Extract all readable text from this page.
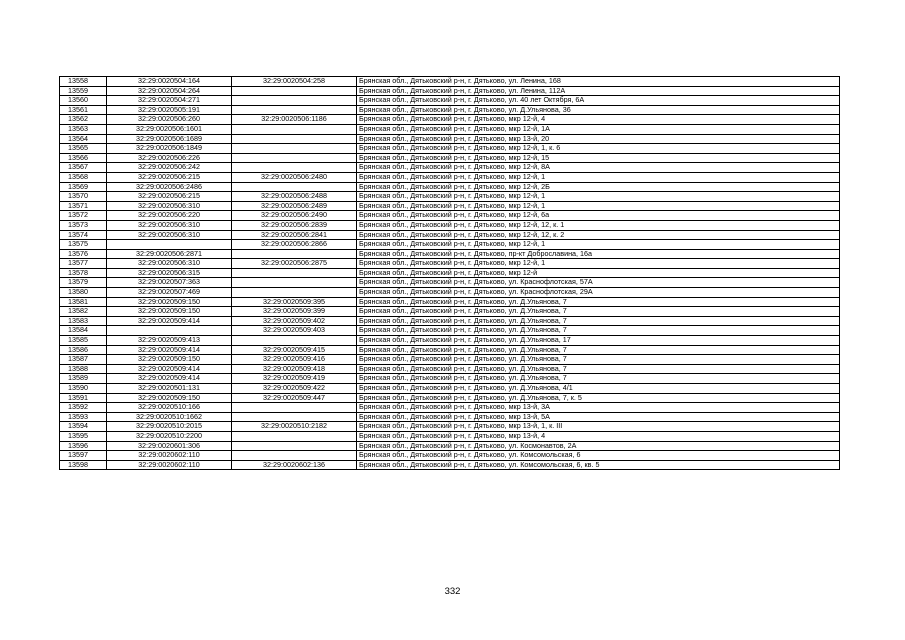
13558	32:29:0020504:164	32:29:0020504:258	Брянская обл., Дятьковский р-н, г. Дятьково, ул. Ленина, 168
13559	32:29:0020504:264		Брянская обл., Дятьковский р-н, г. Дятьково, ул. Ленина, 112А
13560	32:29:0020504:271		Брянская обл., Дятьковский р-н, г. Дятьково, ул. 40 лет Октября, 6А
13561	32:29:0020505:191		Брянская обл., Дятьковский р-н, г. Дятьково, ул. Д.Ульянова, 36
13562	32:29:0020506:260	32:29:0020506:1186	Брянская обл., Дятьковский р-н, г. Дятьково, мкр 12-й, 4
13563	32:29:0020506:1601		Брянская обл., Дятьковский р-н, г. Дятьково, мкр 12-й, 1А
13564	32:29:0020506:1689		Брянская обл., Дятьковский р-н, г. Дятьково, мкр 13-й, 20
13565	32:29:0020506:1849		Брянская обл., Дятьковский р-н, г. Дятьково, мкр 12-й, 1, к. 6
13566	32:29:0020506:226		Брянская обл., Дятьковский р-н, г. Дятьково, мкр 12-й, 15
13567	32:29:0020506:242		Брянская обл., Дятьковский р-н, г. Дятьково, мкр 12-й, 8А
13568	32:29:0020506:215	32:29:0020506:2480	Брянская обл., Дятьковский р-н, г. Дятьково, мкр 12-й, 1
13569	32:29:0020506:2486		Брянская обл., Дятьковский р-н, г. Дятьково, мкр 12-й, 2Б
13570	32:29:0020506:215	32:29:0020506:2488	Брянская обл., Дятьковский р-н, г. Дятьково, мкр 12-й, 1
13571	32:29:0020506:310	32:29:0020506:2489	Брянская обл., Дятьковский р-н, г. Дятьково, мкр 12-й, 1
13572	32:29:0020506:220	32:29:0020506:2490	Брянская обл., Дятьковский р-н, г. Дятьково, мкр 12-й, 6а
13573	32:29:0020506:310	32:29:0020506:2839	Брянская обл., Дятьковский р-н, г. Дятьково, мкр 12-й, 12, к. 1
13574	32:29:0020506:310	32:29:0020506:2841	Брянская обл., Дятьковский р-н, г. Дятьково, мкр 12-й, 12, к. 2
13575		32:29:0020506:2866	Брянская обл., Дятьковский р-н, г. Дятьково, мкр 12-й, 1
13576	32:29:0020506:2871		Брянская обл., Дятьковский р-н, г. Дятьково, пр-кт Доброславина, 16а
13577	32:29:0020506:310	32:29:0020506:2875	Брянская обл., Дятьковский р-н, г. Дятьково, мкр 12-й, 1
13578	32:29:0020506:315		Брянская обл., Дятьковский р-н, г. Дятьково, мкр 12-й
13579	32:29:0020507:363		Брянская обл., Дятьковский р-н, г. Дятьково, ул. Краснофлотская, 57А
13580	32:29:0020507:469		Брянская обл., Дятьковский р-н, г. Дятьково, ул. Краснофлотская, 29А
13581	32:29:0020509:150	32:29:0020509:395	Брянская обл., Дятьковский р-н, г. Дятьково, ул. Д.Ульянова, 7
13582	32:29:0020509:150	32:29:0020509:399	Брянская обл., Дятьковский р-н, г. Дятьково, ул. Д.Ульянова, 7
13583	32:29:0020509:414	32:29:0020509:402	Брянская обл., Дятьковский р-н, г. Дятьково, ул. Д.Ульянова, 7
13584		32:29:0020509:403	Брянская обл., Дятьковский р-н, г. Дятьково, ул. Д.Ульянова, 7
13585	32:29:0020509:413		Брянская обл., Дятьковский р-н, г. Дятьково, ул. Д.Ульянова, 17
13586	32:29:0020509:414	32:29:0020509:415	Брянская обл., Дятьковский р-н, г. Дятьково, ул. Д.Ульянова, 7
13587	32:29:0020509:150	32:29:0020509:416	Брянская обл., Дятьковский р-н, г. Дятьково, ул. Д.Ульянова, 7
13588	32:29:0020509:414	32:29:0020509:418	Брянская обл., Дятьковский р-н, г. Дятьково, ул. Д.Ульянова, 7
13589	32:29:0020509:414	32:29:0020509:419	Брянская обл., Дятьковский р-н, г. Дятьково, ул. Д.Ульянова, 7
13590	32:29:0020501:131	32:29:0020509:422	Брянская обл., Дятьковский р-н, г. Дятьково, ул. Д.Ульянова, 4/1
13591	32:29:0020509:150	32:29:0020509:447	Брянская обл., Дятьковский р-н, г. Дятьково, ул. Д.Ульянова, 7, к. 5
13592	32:29:0020510:166		Брянская обл., Дятьковский р-н, г. Дятьково, мкр 13-й, 3А
13593	32:29:0020510:1662		Брянская обл., Дятьковский р-н, г. Дятьково, мкр 13-й, 5А
13594	32:29:0020510:2015	32:29:0020510:2182	Брянская обл., Дятьковский р-н, г. Дятьково, мкр 13-й, 1, к. III
13595	32:29:0020510:2200		Брянская обл., Дятьковский р-н, г. Дятьково, мкр 13-й, 4
13596	32:29:0020601:306		Брянская обл., Дятьковский р-н, г. Дятьково, ул. Космонавтов, 2А
13597	32:29:0020602:110		Брянская обл., Дятьковский р-н, г. Дятьково, ул. Комсомольская, 6
13598	32:29:0020602:110	32:29:0020602:136	Брянская обл., Дятьковский р-н, г. Дятьково, ул. Комсомольская, 6, кв. 5
332
